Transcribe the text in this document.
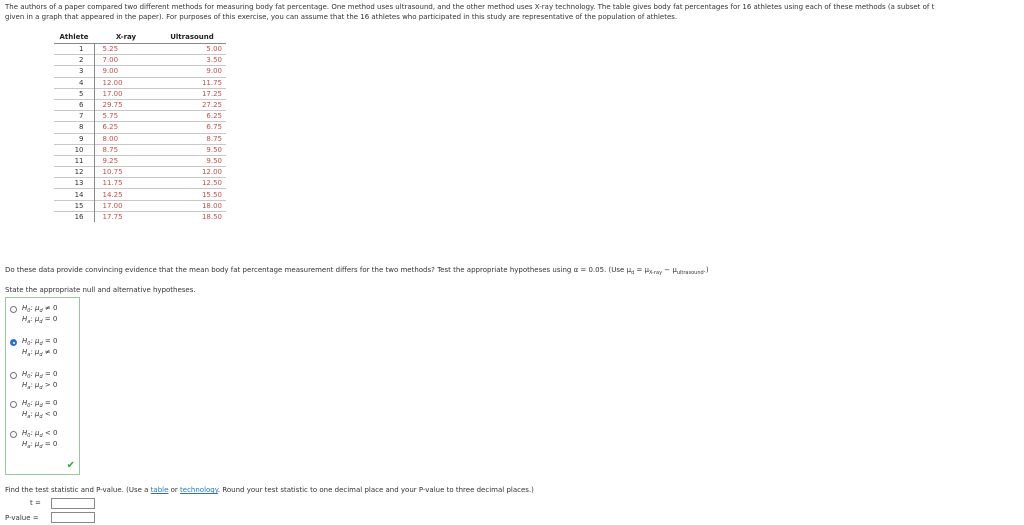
The authors of a paper compared two different methods for measuring body fat percentage. One method uses ultrasound, and the other method uses X-ray technology. The table gives body fat percentages for 16 athletes using each of these methods (a subset of t

given in a graph that appeared in the paper). For purposes of this exercise, you can assume that the 16 athletes who participated in this study are representative of the population of athletes.

Athlete	X-ray	Ultrasound
1	5.25	5.00
2	7.00	3.50
3	9.00	9.00
4	12.00	11.75
5	17.00	17.25
6	29.75	27.25
7	5.75	6.25
8	6.25	6.75
9	8.00	8.75
10	8.75	9.50
11	9.25	9.50
12	10.75	12.00
13	11.75	12.50
14	14.25	15.50
15	17.00	18.00
16	17.75	18.50
Do these data provide convincing evidence that the mean body fat percentage measurement differs for the two methods? Test the appropriate hypotheses using α = 0.05. (Use $\mu_d = \mu_{X-ray} - \mu_{ultrasound}$.)
State the appropriate null and alternative hypotheses.
$H_0$: $\mu_d \ne 0$
$H_a$: $\mu_d = 0$
$H_0$: $\mu_d = 0$
$H_a$: $\mu_d \ne 0$
$H_0$: $\mu_d = 0$
$H_a$: $\mu_d > 0$
$H_0$: $\mu_d = 0$
$H_a$: $\mu_d < 0$
$H_0$: $\mu_d < 0$
$H_a$: $\mu_d = 0$
✔
Find the test statistic and P-value. (Use a table or technology. Round your test statistic to one decimal place and your P-value to three decimal places.)
t =
P-value =
